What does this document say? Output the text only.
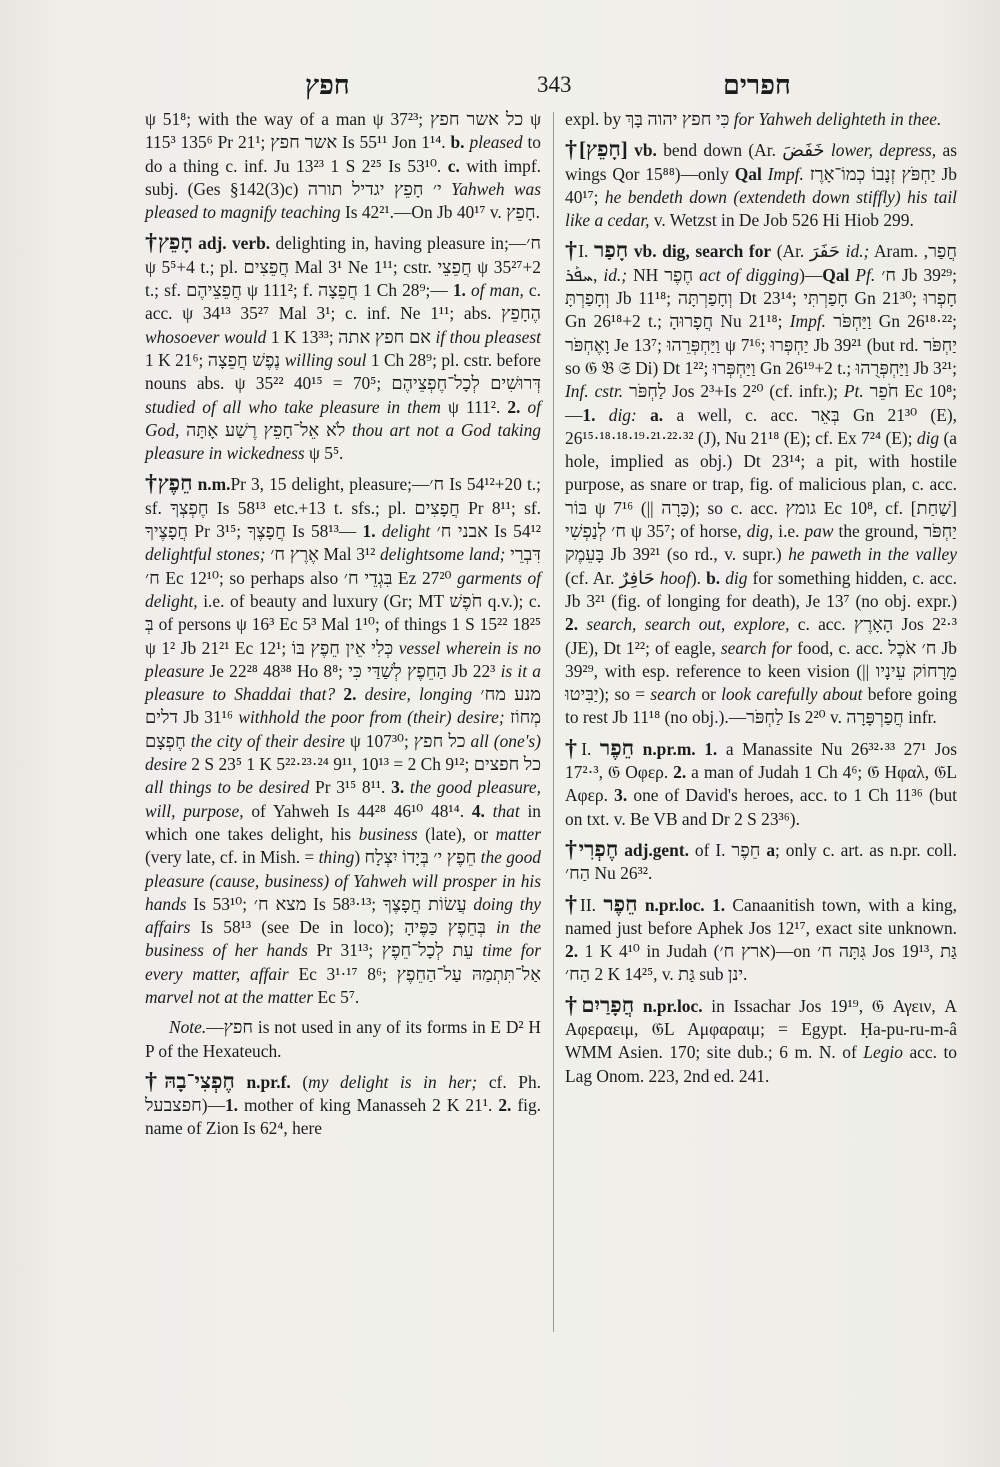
חפץ	343	חפרים

ψ 51⁸; with the way of a man ψ 37²³; כל אשר חפץ ψ 115³ 135⁶ Pr 21¹; אשר חפץ Is 55¹¹ Jon 1¹⁴. b. pleased to do a thing c. inf. Ju 13²³ 1 S 2²⁵ Is 53¹⁰. c. with impf. subj. (Ges §142(3)c) י׳ חָפֵץ יגדיל תורה Yahweh was pleased to magnify teaching Is 42²¹.—On Jb 40¹⁷ v. חָפֵץ.

†חָפֵץ adj. verb. delighting in, having pleasure in;—ח׳ ψ 5⁵+4 t.; pl. חֲפֵצִים Mal 3¹ Ne 1¹¹; cstr. חֲפֵצֵי ψ 35²⁷+2 t.; sf. חֲפֵצֵיהֶם ψ 111²; f. חֲפֵצָה 1 Ch 28⁹;— 1. of man, c. acc. ψ 34¹³ 35²⁷ Mal 3¹; c. inf. Ne 1¹¹; abs. הֶחָפֵץ whosoever would 1 K 13³³; אם חפץ אתה if thou pleasest 1 K 21⁶; נֶפֶשׁ חֲפֵצָה willing soul 1 Ch 28⁹; pl. cstr. before nouns abs. ψ 35²² 40¹⁵ = 70⁵; דְּרוּשִׁים לְכָל־חֶפְצֵיהֶם studied of all who take pleasure in them ψ 111². 2. of God, לֹא אֵל־חָפֵץ רֶשַׁע אָתָּה thou art not a God taking pleasure in wickedness ψ 5⁵.

†חֵפֶץ n.m.Pr 3, 15 delight, pleasure;—ח׳ Is 54¹²+20 t.; sf. חֶפְצְךָ Is 58¹³ etc.+13 t. sfs.; pl. חֲפָצִים Pr 8¹¹; sf. חֲפָצֶיךָ Pr 3¹⁵; חֲפָצֶךָ Is 58¹³— 1. delight אבני ח׳ Is 54¹² delightful stones; אֶרֶץ ח׳ Mal 3¹² delightsome land; דִּבְרֵי ח׳ Ec 12¹⁰; so perhaps also בִּגְדֵי ח׳ Ez 27²⁰ garments of delight, i.e. of beauty and luxury (Gr; MT חֹפֶשׁ q.v.); c. בְּ of persons ψ 16³ Ec 5³ Mal 1¹⁰; of things 1 S 15²² 18²⁵ ψ 1² Jb 21²¹ Ec 12¹; כְּלִי אֵין חֵפֶץ בּוֹ vessel wherein is no pleasure Je 22²⁸ 48³⁸ Ho 8⁸; הַחֵפֶץ לְשַׁדַּי כִּי Jb 22³ is it a pleasure to Shaddai that? 2. desire, longing מנע מח׳ דלים Jb 31¹⁶ withhold the poor from (their) desire; מְחוֹז חֶפְצָם the city of their desire ψ 107³⁰; כל חפץ all (one's) desire 2 S 23⁵ 1 K 5²²·²³·²⁴ 9¹¹, 10¹³ = 2 Ch 9¹²; כל חפצים all things to be desired Pr 3¹⁵ 8¹¹. 3. the good pleasure, will, purpose, of Yahweh Is 44²⁸ 46¹⁰ 48¹⁴. 4. that in which one takes delight, his business (late), or matter (very late, cf. in Mish. = thing) חֵפֶץ י׳ בְּיָדוֹ יִצְלָח the good pleasure (cause, business) of Yahweh will prosper in his hands Is 53¹⁰; מצא ח׳ Is 58³·¹³; עֲשׂוֹת חֲפָצֶךָ doing thy affairs Is 58¹³ (see De in loco); בְּחֵפֶץ כַּפֶּיהָ in the business of her hands Pr 31¹³; עֵת לְכָל־חֵפֶץ time for every matter, affair Ec 3¹·¹⁷ 8⁶; אַל־תִּתְמַהּ עַל־הַחֵפֶץ marvel not at the matter Ec 5⁷.

Note.—חפץ is not used in any of its forms in E D² H P of the Hexateuch.

†חֶפְצִי־בָהּ n.pr.f. (my delight is in her; cf. Ph. חפצבעל)—1. mother of king Manasseh 2 K 21¹. 2. fig. name of Zion Is 62⁴, here

expl. by כִּי חפץ יהוה בָּךְ for Yahweh delighteth in thee.

†[חָפֵץ] vb. bend down (Ar. خَفَضَ lower, depress, as wings Qor 15⁸⁸)—only Qal Impf. יַחְפֹּץ זְנָבוֹ כְמוֹ־אָרֶז Jb 40¹⁷; he bendeth down (extendeth down stiffly) his tail like a cedar, v. Wetzst in De Job 526 Hi Hiob 299.

†I. חָפַר vb. dig, search for (Ar. حَفَرَ id.; Aram. חֲפַר, ܚܦܰܪ, id.; NH חֶפֶר act of digging)—Qal Pf. ח׳ Jb 39²⁹; וְחָפַרְתָּ Jb 11¹⁸; וְחָפַרְתָּה Dt 23¹⁴; חָפַרְתִּי Gn 21³⁰; חָפְרוּ Gn 26¹⁸+2 t.; חֲפָרוּהָ Nu 21¹⁸; Impf. וַיַּחְפֹּר Gn 26¹⁸·²²; וָאֶחְפֹּר Je 13⁷; וַיַּחְפְּרֵהוּ ψ 7¹⁶; יַחְפְּרוּ Jb 39²¹ (but rd. יַחְפֹּר so 𝔊 𝔅 𝔖 Di) Dt 1²²; וַיַּחְפְּרוּ Gn 26¹⁹+2 t.; וַיַּחְפְּרֻהוּ Jb 3²¹; Inf. cstr. לַחְפֹּר Jos 2³+Is 2²⁰ (cf. infr.); Pt. חֹפֵר Ec 10⁸;—1. dig: a. a well, c. acc. בְּאֵר Gn 21³⁰ (E), 26¹⁵·¹⁸·¹⁸·¹⁹·²¹·²²·³² (J), Nu 21¹⁸ (E); cf. Ex 7²⁴ (E); dig (a hole, implied as obj.) Dt 23¹⁴; a pit, with hostile purpose, as snare or trap, fig. of malicious plan, c. acc. בּוֹר ψ 7¹⁶ (|| כָּרָה); so c. acc. גומץ Ec 10⁸, cf. [שַׁחַת] לְנַפְשִׁי ח׳ ψ 35⁷; of horse, dig, i.e. paw the ground, יַחְפֹּר בָּעֵמֶק Jb 39²¹ (so rd., v. supr.) he paweth in the valley (cf. Ar. حَافِرٌ hoof). b. dig for something hidden, c. acc. Jb 3²¹ (fig. of longing for death), Je 13⁷ (no obj. expr.) 2. search, search out, explore, c. acc. הָאָרֶץ Jos 2²·³ (JE), Dt 1²²; of eagle, search for food, c. acc. ח׳ אֹכֶל Jb 39²⁹, with esp. reference to keen vision (|| מֵרָחוֹק עֵינָיו יַבִּיטוּ); so = search or look carefully about before going to rest Jb 11¹⁸ (no obj.).—לַחְפֹּר Is 2²⁰ v. חֲפַרְפָּרָה infr.

†I. חֵפֶר n.pr.m. 1. a Manassite Nu 26³²·³³ 27¹ Jos 17²·³, 𝔊 Οφερ. 2. a man of Judah 1 Ch 4⁶; 𝔊 Ηφαλ, 𝔊L Αφερ. 3. one of David's heroes, acc. to 1 Ch 11³⁶ (but on txt. v. Be VB and Dr 2 S 23³⁶).

†חֶפְרִי adj.gent. of I. חֵפֶר a; only c. art. as n.pr. coll. הַח׳ Nu 26³².

†II. חֵפֶר n.pr.loc. 1. Canaanitish town, with a king, named just before Aphek Jos 12¹⁷, exact site unknown. 2. 1 K 4¹⁰ in Judah (ארץ ח׳)—on גִּתָּה ח׳ Jos 19¹³, גַּת הַח׳ 2 K 14²⁵, v. גַּת sub ינן.

†חֲפָרַיִם n.pr.loc. in Issachar Jos 19¹⁹, 𝔊 Αγειν, A Αφεραειμ, 𝔊L Αμφαραιμ; = Egypt. Ḥa-pu-ru-m-â WMM Asien. 170; site dub.; 6 m. N. of Legio acc. to Lag Onom. 223, 2nd ed. 241.
